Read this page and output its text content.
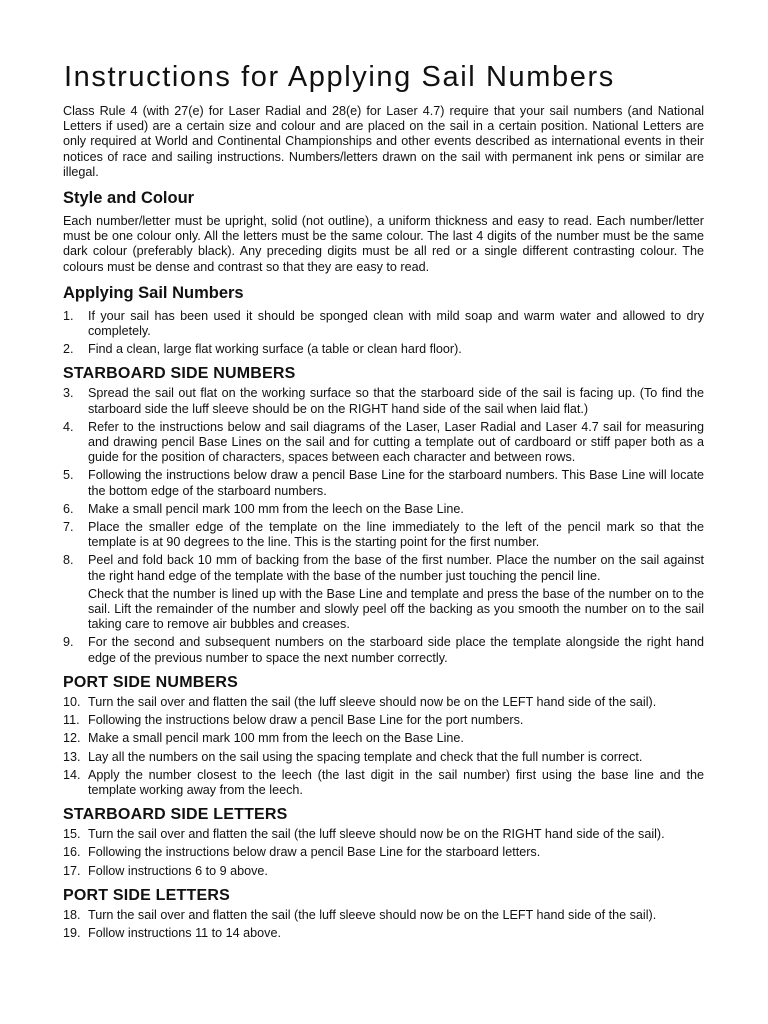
Instructions for Applying Sail Numbers

Class Rule 4 (with 27(e) for Laser Radial and 28(e) for Laser 4.7) require that your sail numbers (and National Letters if used) are a certain size and colour and are placed on the sail in a certain position. National Letters are only required at World and Continental Championships and other events described as international events in their notices of race and sailing instructions. Numbers/letters drawn on the sail with permanent ink pens or similar are illegal.

Style and Colour

Each number/letter must be upright, solid (not outline), a uniform thickness and easy to read. Each number/letter must be one colour only. All the letters must be the same colour. The last 4 digits of the number must be the same dark colour (preferably black). Any preceding digits must be all red or a single different contrasting colour. The colours must be dense and contrast so that they are easy to read.

Applying Sail Numbers
1.	If your sail has been used it should be sponged clean with mild soap and warm water and allowed to dry completely.
2.	Find a clean, large flat working surface (a table or clean hard floor).
STARBOARD SIDE NUMBERS
3.	Spread the sail out flat on the working surface so that the starboard side of the sail is facing up. (To find the starboard side the luff sleeve should be on the RIGHT hand side of the sail when laid flat.)
4.	Refer to the instructions below and sail diagrams of the Laser, Laser Radial and Laser 4.7 sail for measuring and drawing pencil Base Lines on the sail and for cutting a template out of cardboard or stiff paper both as a guide for the position of characters, spaces between each character and between rows.
5.	Following the instructions below draw a pencil Base Line for the starboard numbers. This Base Line will locate the bottom edge of the starboard numbers.
6.	Make a small pencil mark 100 mm from the leech on the Base Line.
7.	Place the smaller edge of the template on the line immediately to the left of the pencil mark so that the template is at 90 degrees to the line. This is the starting point for the first number.
8.	Peel and fold back 10 mm of backing from the base of the first number. Place the number on the sail against the right hand edge of the template with the base of the number just touching the pencil line.

Check that the number is lined up with the Base Line and template and press the base of the number on to the sail. Lift the remainder of the number and slowly peel off the backing as you smooth the number on to the sail taking care to remove air bubbles and creases.

9.	For the second and subsequent numbers on the starboard side place the template alongside the right hand edge of the previous number to space the next number correctly.
PORT SIDE NUMBERS
10. Turn the sail over and flatten the sail (the luff sleeve should now be on the LEFT hand side of the sail).
11. Following the instructions below draw a pencil Base Line for the port numbers.
12. Make a small pencil mark 100 mm from the leech on the Base Line.
13. Lay all the numbers on the sail using the spacing template and check that the full number is correct.
14. Apply the number closest to the leech (the last digit in the sail number) first using the base line and the template working away from the leech.
STARBOARD SIDE LETTERS
15. Turn the sail over and flatten the sail (the luff sleeve should now be on the RIGHT hand side of the sail).
16. Following the instructions below draw a pencil Base Line for the starboard letters.
17. Follow instructions 6 to 9 above.
PORT SIDE LETTERS
18. Turn the sail over and flatten the sail (the luff sleeve should now be on the LEFT hand side of the sail).
19. Follow instructions 11 to 14 above.
